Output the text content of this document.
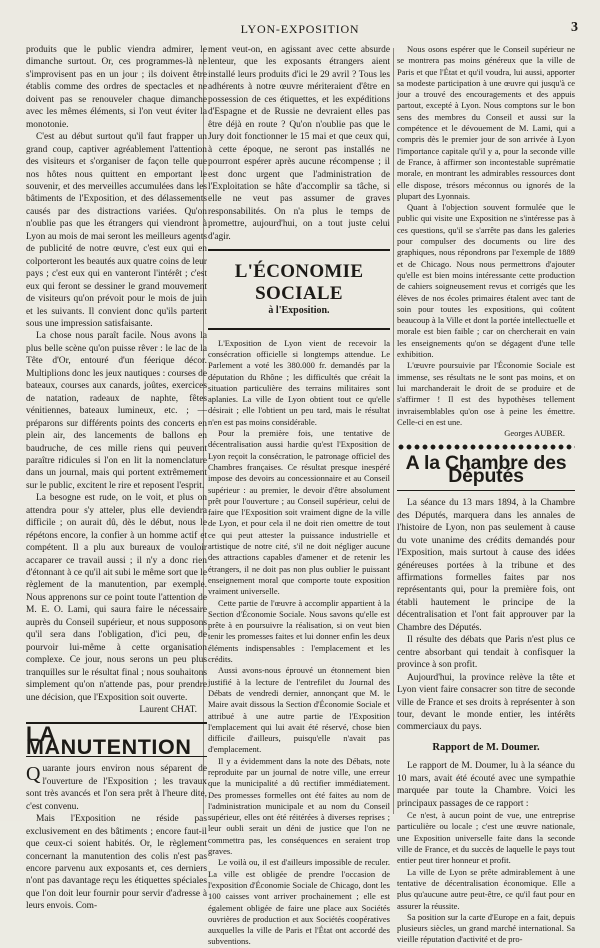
LYON-EXPOSITION	3

produits que le public viendra admirer, le dimanche surtout. Or, ces programmes-là ne s'improvisent pas en un jour ; ils doivent être établis comme des ordres de spectacles et ne doivent pas se renouveler chaque dimanche avec les mêmes éléments, si l'on veut éviter la monotonie.

C'est au début surtout qu'il faut frapper un grand coup, captiver agréablement l'attention des visiteurs et s'organiser de façon telle que nos hôtes nous quittent en emportant le souvenir, et des merveilles accumulées dans les bâtiments de l'Exposition, et des délassements causés par des distractions variées. Qu'on n'oublie pas que les étrangers qui viendront à Lyon au mois de mai seront les meilleurs agents de publicité de notre œuvre, c'est eux qui en colporteront les beautés aux quatre coins de leur pays ; c'est eux qui en vanteront l'intérêt ; c'est eux qui feront se dessiner le grand mouvement de visiteurs qu'on prévoit pour le mois de juin et les suivants. Il convient donc qu'ils partent sous une impression satisfaisante.

La chose nous paraît facile. Nous avons la plus belle scène qu'on puisse rêver : le lac de la Tête d'Or, entouré d'un féerique décor. Multiplions donc les jeux nautiques : courses de bateaux, courses aux canards, joûtes, exercices de natation, radeaux de naphte, fêtes vénitiennes, bateaux lumineux, etc. ; — préparons sur différents points des concerts en plein air, des lancements de ballons en baudruche, de ces mille riens qui peuvent paraître ridicules si l'on en lit la nomenclature dans un journal, mais qui portent extrêmement sur le public, excitent le rire et reposent l'esprit.

La besogne est rude, on le voit, et plus on attendra pour s'y atteler, plus elle deviendra difficile ; on aurait dû, dès le début, nous le répétons encore, la confier à un homme actif et compétent. Il a plu aux bureaux de vouloir accaparer ce travail aussi ; il n'y a donc rien d'étonnant à ce qu'il ait subi le même sort que le règlement de la manutention, par exemple. Nous apprenons sur ce point toute l'attention de M. E. O. Lami, qui saura faire le nécessaire auprès du Conseil supérieur, et nous supposons qu'il sera dans l'obligation, d'ici peu, de pourvoir lui-même à cette organisation complexe. Ce jour, nous serons un peu plus tranquilles sur le résultat final ; nous souhaitons simplement qu'on n'attende pas, pour prendre une décision, que l'Exposition soit ouverte.

Laurent CHAT.

LA MANUTENTION

Quarante jours environ nous séparent de l'ouverture de l'Exposition ; les travaux sont très avancés et l'on sera prêt à l'heure dite, c'est convenu.

Mais l'Exposition ne réside pas exclusivement en des bâtiments ; encore faut-il que ceux-ci soient habités. Or, le règlement concernant la manutention des colis n'est pas encore parvenu aux exposants et, ces derniers n'ont pas davantage reçu les étiquettes spéciales que l'on doit leur fournir pour servir d'adresse à leurs envois. Com-

ment veut-on, en agissant avec cette absurde lenteur, que les exposants étrangers aient installé leurs produits d'ici le 29 avril ? Tous les adhérents à notre œuvre mériteraient d'être en possession de ces étiquettes, et les expéditions d'Espagne et de Russie ne devraient elles pas être déjà en route ? Qu'on n'oublie pas que le Jury doit fonctionner le 15 mai et que ceux qui, à cette époque, ne seront pas installés ne pourront espérer après aucune récompense ; il est donc urgent que l'administration de l'Exploitation se hâte d'accomplir sa tâche, si elle ne veut pas assumer de graves responsabilités. On n'a plus le temps de promettre, aujourd'hui, on a tout juste celui d'agir.

L'ÉCONOMIE SOCIALE
à l'Exposition.

L'Exposition de Lyon vient de recevoir la consécration officielle si longtemps attendue. Le Parlement a voté les 380.000 fr. demandés par la députation du Rhône ; les difficultés que créait la situation particulière des terrains militaires sont aplanies. La ville de Lyon obtient tout ce qu'elle désirait ; elle l'obtient un peu tard, mais le résultat n'en est pas moins considérable.

Pour la première fois, une tentative de décentralisation aussi hardie qu'est l'Exposition de Lyon reçoit la consécration, le patronage officiel des Chambres françaises. Ce résultat presque inespéré impose des devoirs au concessionnaire et au Conseil supérieur : au premier, le devoir d'être absolument prêt pour l'ouverture ; au Conseil supérieur, celui de faire que l'Exposition soit vraiment digne de la ville de Lyon, et pour cela il ne doit rien omettre de tout ce qui peut attester la puissance industrielle et artistique de notre cité, s'il ne doit négliger aucune des attractions capables d'amener et de retenir les étrangers, il ne doit pas non plus oublier le puissant enseignement moral que comporte toute exposition vraiment universelle.

Cette partie de l'œuvre à accomplir appartient à la Section d'Économie Sociale. Nous savons qu'elle est prête à en poursuivre la réalisation, si on veut bien tenir les promesses faites et lui donner enfin les deux éléments indispensables : l'emplacement et les crédits.

Aussi avons-nous éprouvé un étonnement bien justifié à la lecture de l'entrefilet du Journal des Débats de vendredi dernier, annonçant que M. le Maire avait dissous la Section d'Économie Sociale et attribué à une autre partie de l'Exposition l'emplacement qui lui avait été réservé, chose bien difficile d'ailleurs, puisqu'elle n'avait pas d'emplacement.

Il y a évidemment dans la note des Débats, note reproduite par un journal de notre ville, une erreur que la municipalité a dû rectifier immédiatement. Des promesses formelles ont été faites au nom de l'administration municipale et au nom du Conseil supérieur, elles ont été réitérées à diverses reprises ; leur oubli serait un déni de justice que l'on ne commettra pas, les conséquences en seraient trop graves.

Le voilà ou, il est d'ailleurs impossible de reculer. La ville est obligée de prendre l'occasion de l'exposition d'Économie Sociale de Chicago, dont les 100 caisses vont arriver prochainement ; elle est également obligée de faire une place aux Sociétés ouvrières de production et aux Sociétés coopératives auxquelles la ville de Paris et l'État ont accordé des subventions.

Nous osons espérer que le Conseil supérieur ne se montrera pas moins généreux que la ville de Paris et que l'État et qu'il voudra, lui aussi, apporter sa modeste participation à une œuvre qui jusqu'à ce jour a trouvé des encouragements et des appuis partout, excepté à Lyon. Nous comptons sur le bon sens des membres du Conseil et aussi sur la compétence et le dévouement de M. Lami, qui a compris dès le premier jour de son arrivée à Lyon l'importance capitale qu'il y a, pour la seconde ville de France, à affirmer son incontestable suprématie morale, en montrant les admirables ressources dont elle dispose, trésors méconnus ou ignorés de la plupart des Lyonnais.

Quant à l'objection souvent formulée que le public qui visite une Exposition ne s'intéresse pas à ces questions, qu'il se s'arrête pas dans les galeries pour compulser des documents ou lire des graphiques, nous répondrons par l'exemple de 1889 et de Chicago. Nous nous permettrons d'ajouter qu'elle est bien moins intéressante cette production de cahiers soigneusement revus et corrigés que les élèves de nos écoles primaires étalent avec tant de soin pour toutes les expositions, qui coûtent beaucoup à la Ville et dont la portée intellectuelle et morale est bien faible ; car on chercherait en vain les enseignements qu'on se dégagent d'une telle exhibition.

L'œuvre poursuivie par l'Économie Sociale est immense, ses résultats ne le sont pas moins, et on lui marchanderait le droit de se produire et de s'affirmer ! Il est des hypothèses tellement invraisemblables qu'on ose à peine les émettre. Celle-ci en est une.

Georges AUBER.

A la Chambre des Députés

La séance du 13 mars 1894, à la Chambre des Députés, marquera dans les annales de l'histoire de Lyon, non pas seulement à cause du vote unanime des crédits demandés pour l'Exposition, mais surtout à cause des idées généreuses portées à la tribune et des affirmations formelles faites par nos représentants qui, pour la première fois, ont établi hautement le principe de la décentralisation et l'ont fait approuver par la Chambre des Députés.

Il résulte des débats que Paris n'est plus ce centre absorbant qui tendait à confisquer la province à son profit.

Aujourd'hui, la province relève la tête et Lyon vient faire consacrer son titre de seconde ville de France et ses droits à représenter à son tour, devant le monde entier, les intérêts commerciaux du pays.

Rapport de M. Doumer.

Le rapport de M. Doumer, lu à la séance du 10 mars, avait été écouté avec une sympathie marquée par toute la Chambre. Voici les principaux passages de ce rapport :

Ce n'est, à aucun point de vue, une entreprise particulière ou locale ; c'est une œuvre nationale, une Exposition universelle faite dans la seconde ville de France, et du succès de laquelle le pays tout entier peut tirer honneur et profit.

La ville de Lyon se prête admirablement à une tentative de décentralisation économique. Elle a plus qu'aucune autre peut-être, ce qu'il faut pour en assurer la réussite.

Sa position sur la carte d'Europe en a fait, depuis plusieurs siècles, un grand marché international. Sa vieille réputation d'activité et de pro-
